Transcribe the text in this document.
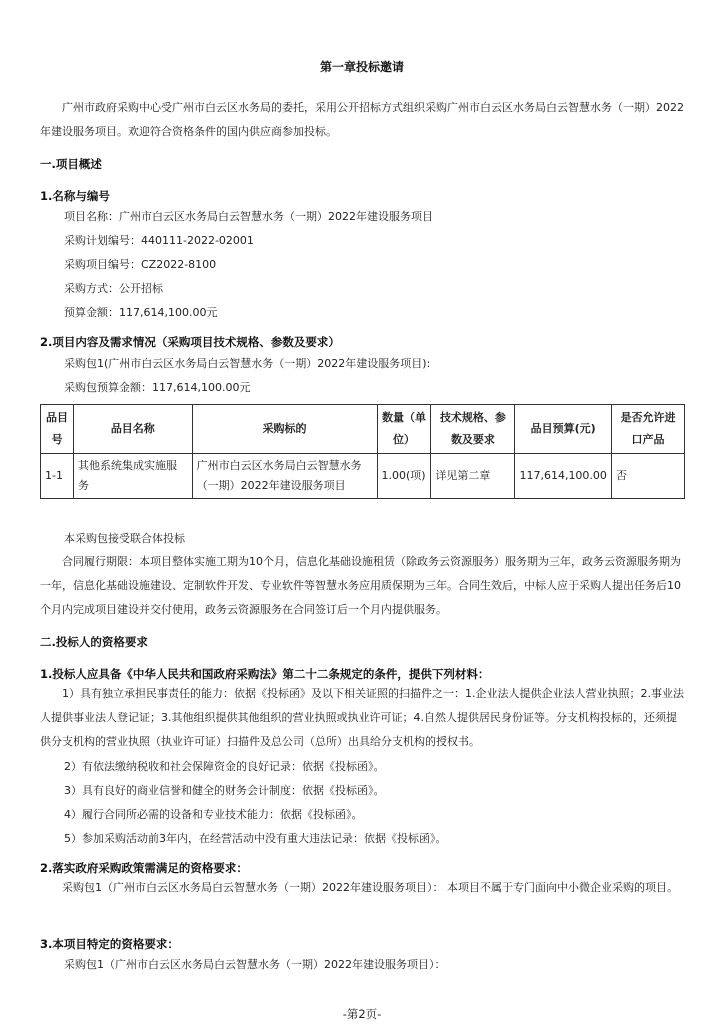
第一章投标邀请
广州市政府采购中心受广州市白云区水务局的委托，采用公开招标方式组织采购广州市白云区水务局白云智慧水务（一期）2022年建设服务项目。欢迎符合资格条件的国内供应商参加投标。
一.项目概述
1.名称与编号
项目名称：广州市白云区水务局白云智慧水务（一期）2022年建设服务项目
采购计划编号：440111-2022-02001
采购项目编号：CZ2022-8100
采购方式：公开招标
预算金额：117,614,100.00元
2.项目内容及需求情况（采购项目技术规格、参数及要求）
采购包1(广州市白云区水务局白云智慧水务（一期）2022年建设服务项目):
采购包预算金额：117,614,100.00元
品目号	品目名称	采购标的	数量（单位）	技术规格、参数及要求	品目预算(元)	是否允许进口产品
1-1	其他系统集成实施服务	广州市白云区水务局白云智慧水务（一期）2022年建设服务项目	1.00(项)	详见第二章	117,614,100.00	否
本采购包接受联合体投标
合同履行期限：本项目整体实施工期为10个月，信息化基础设施租赁（除政务云资源服务）服务期为三年，政务云资源服务期为一年，信息化基础设施建设、定制软件开发、专业软件等智慧水务应用质保期为三年。合同生效后，中标人应于采购人提出任务后10个月内完成项目建设并交付使用，政务云资源服务在合同签订后一个月内提供服务。
二.投标人的资格要求
1.投标人应具备《中华人民共和国政府采购法》第二十二条规定的条件，提供下列材料：
1）具有独立承担民事责任的能力：依据《投标函》及以下相关证照的扫描件之一：1.企业法人提供企业法人营业执照；2.事业法人提供事业法人登记证；3.其他组织提供其他组织的营业执照或执业许可证；4.自然人提供居民身份证等。分支机构投标的，还须提供分支机构的营业执照（执业许可证）扫描件及总公司（总所）出具给分支机构的授权书。
2）有依法缴纳税收和社会保障资金的良好记录：依据《投标函》。
3）具有良好的商业信誉和健全的财务会计制度：依据《投标函》。
4）履行合同所必需的设备和专业技术能力：依据《投标函》。
5）参加采购活动前3年内，在经营活动中没有重大违法记录：依据《投标函》。
2.落实政府采购政策需满足的资格要求：
采购包1（广州市白云区水务局白云智慧水务（一期）2022年建设服务项目）： 本项目不属于专门面向中小微企业采购的项目。
3.本项目特定的资格要求：
采购包1（广州市白云区水务局白云智慧水务（一期）2022年建设服务项目）：
-第2页-
